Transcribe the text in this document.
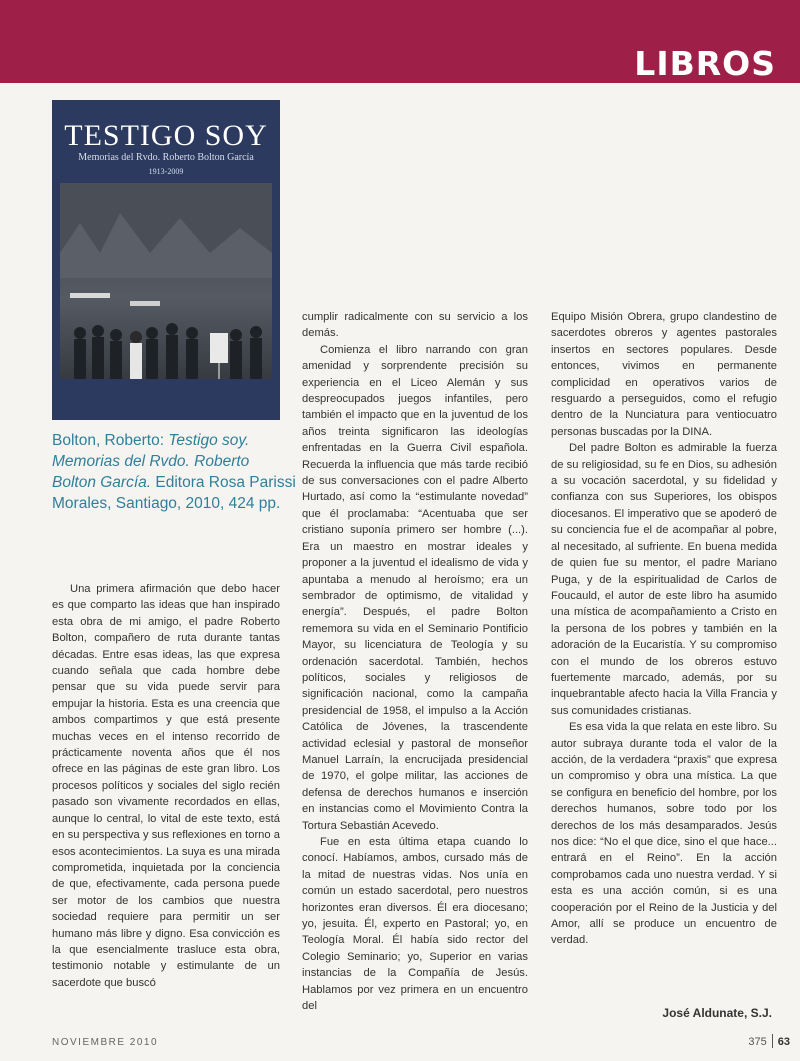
LIBROS
TESTIGO SOY
Memorias del Rvdo. Roberto Bolton García
1913-2009
Bolton, Roberto: Testigo soy. Memorias del Rvdo. Roberto Bolton García. Editora Rosa Parissi Morales, Santiago, 2010, 424 pp.

Una primera afirmación que debo hacer es que comparto las ideas que han inspirado esta obra de mi amigo, el padre Roberto Bolton, compañero de ruta durante tantas décadas. Entre esas ideas, las que expresa cuando señala que cada hombre debe pensar que su vida puede servir para empujar la historia. Esta es una creencia que ambos compartimos y que está presente muchas veces en el intenso recorrido de prácticamente noventa años que él nos ofrece en las páginas de este gran libro. Los procesos políticos y sociales del siglo recién pasado son vivamente recordados en ellas, aunque lo central, lo vital de este texto, está en su perspectiva y sus reflexiones en torno a esos acontecimientos. La suya es una mirada comprometida, inquietada por la conciencia de que, efectivamente, cada persona puede ser motor de los cambios que nuestra sociedad requiere para permitir un ser humano más libre y digno. Esa convicción es la que esencialmente trasluce esta obra, testimonio notable y estimulante de un sacerdote que buscó

cumplir radicalmente con su servicio a los demás.

Comienza el libro narrando con gran amenidad y sorprendente precisión su experiencia en el Liceo Alemán y sus despreocupados juegos infantiles, pero también el impacto que en la juventud de los años treinta significaron las ideologías enfrentadas en la Guerra Civil española. Recuerda la influencia que más tarde recibió de sus conversaciones con el padre Alberto Hurtado, así como la “estimulante novedad” que él proclamaba: “Acentuaba que ser cristiano suponía primero ser hombre (...). Era un maestro en mostrar ideales y proponer a la juventud el idealismo de vida y apuntaba a menudo al heroísmo; era un sembrador de optimismo, de vitalidad y energía”. Después, el padre Bolton rememora su vida en el Seminario Pontificio Mayor, su licenciatura de Teología y su ordenación sacerdotal. También, hechos políticos, sociales y religiosos de significación nacional, como la campaña presidencial de 1958, el impulso a la Acción Católica de Jóvenes, la trascendente actividad eclesial y pastoral de monseñor Manuel Larraín, la encrucijada presidencial de 1970, el golpe militar, las acciones de defensa de derechos humanos e inserción en instancias como el Movimiento Contra la Tortura Sebastián Acevedo.

Fue en esta última etapa cuando lo conocí. Habíamos, ambos, cursado más de la mitad de nuestras vidas. Nos unía en común un estado sacerdotal, pero nuestros horizontes eran diversos. Él era diocesano; yo, jesuita. Él, experto en Pastoral; yo, en Teología Moral. Él había sido rector del Colegio Seminario; yo, Superior en varias instancias de la Compañía de Jesús. Hablamos por vez primera en un encuentro del

Equipo Misión Obrera, grupo clandestino de sacerdotes obreros y agentes pastorales insertos en sectores populares. Desde entonces, vivimos en permanente complicidad en operativos varios de resguardo a perseguidos, como el refugio dentro de la Nunciatura para ventiocuatro personas buscadas por la DINA.

Del padre Bolton es admirable la fuerza de su religiosidad, su fe en Dios, su adhesión a su vocación sacerdotal, y su fidelidad y confianza con sus Superiores, los obispos diocesanos. El imperativo que se apoderó de su conciencia fue el de acompañar al pobre, al necesitado, al sufriente. En buena medida de quien fue su mentor, el padre Mariano Puga, y de la espiritualidad de Carlos de Foucauld, el autor de este libro ha asumido una mística de acompañamiento a Cristo en la persona de los pobres y también en la adoración de la Eucaristía. Y su compromiso con el mundo de los obreros estuvo fuertemente marcado, además, por su inquebrantable afecto hacia la Villa Francia y sus comunidades cristianas.

Es esa vida la que relata en este libro. Su autor subraya durante toda el valor de la acción, de la verdadera “praxis” que expresa un compromiso y obra una mística. La que se configura en beneficio del hombre, por los derechos humanos, sobre todo por los derechos de los más desamparados. Jesús nos dice: “No el que dice, sino el que hace... entrará en el Reino”. En la acción comprobamos cada uno nuestra verdad. Y si esta es una acción común, si es una cooperación por el Reino de la Justicia y del Amor, allí se produce un encuentro de verdad.

José Aldunate, S.J.
NOVIEMBRE 2010	375 63
